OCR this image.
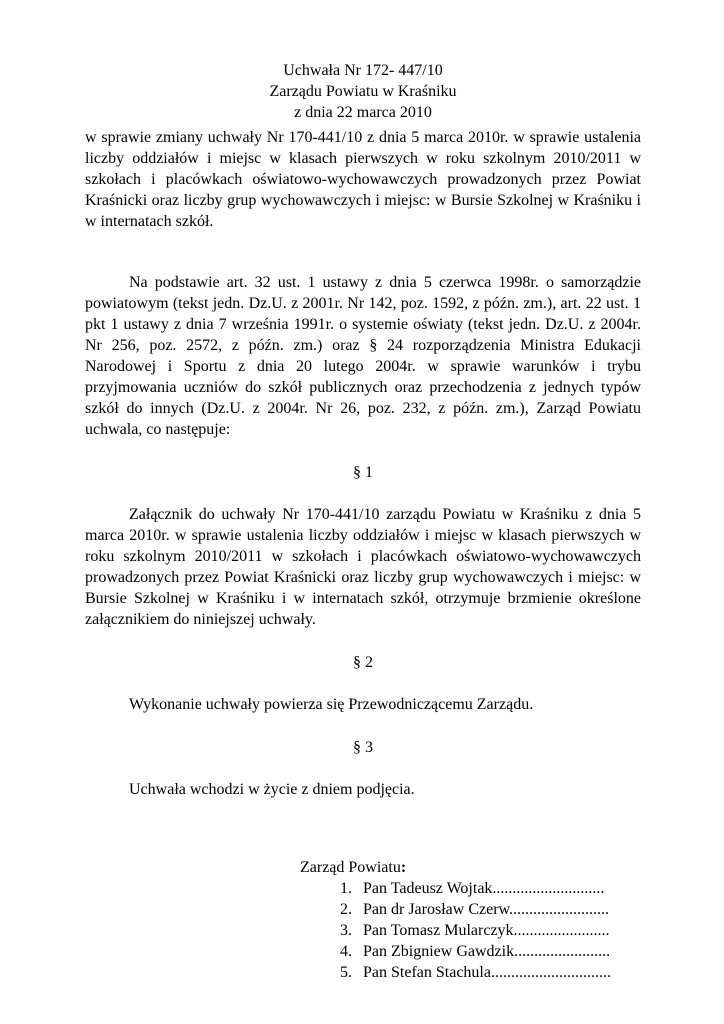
Uchwała Nr 172- 447/10
Zarządu Powiatu w Kraśniku
z dnia 22 marca 2010

w sprawie zmiany uchwały Nr 170-441/10 z dnia 5 marca 2010r. w sprawie ustalenia liczby oddziałów i miejsc w klasach pierwszych w roku szkolnym 2010/2011 w szkołach i placówkach oświatowo-wychowawczych prowadzonych przez Powiat Kraśnicki oraz liczby grup wychowawczych i miejsc: w Bursie Szkolnej w Kraśniku i w internatach szkół.

Na podstawie art. 32 ust. 1 ustawy z dnia 5 czerwca 1998r. o samorządzie powiatowym (tekst jedn. Dz.U. z 2001r. Nr 142, poz. 1592, z późn. zm.), art. 22 ust. 1 pkt 1 ustawy z dnia 7 września 1991r. o systemie oświaty (tekst jedn. Dz.U. z 2004r. Nr 256, poz. 2572, z późn. zm.) oraz § 24 rozporządzenia Ministra Edukacji Narodowej i Sportu z dnia 20 lutego 2004r. w sprawie warunków i trybu przyjmowania uczniów do szkół publicznych oraz przechodzenia z jednych typów szkół do innych (Dz.U. z 2004r. Nr 26, poz. 232, z późn. zm.), Zarząd Powiatu uchwala, co następuje:

§ 1

Załącznik do uchwały Nr 170-441/10 zarządu Powiatu w Kraśniku z dnia 5 marca 2010r. w sprawie ustalenia liczby oddziałów i miejsc w klasach pierwszych w roku szkolnym 2010/2011 w szkołach i placówkach oświatowo-wychowawczych prowadzonych przez Powiat Kraśnicki oraz liczby grup wychowawczych i miejsc: w Bursie Szkolnej w Kraśniku i w internatach szkół, otrzymuje brzmienie określone załącznikiem do niniejszej uchwały.

§ 2

Wykonanie uchwały powierza się Przewodniczącemu Zarządu.

§ 3

Uchwała wchodzi w życie z dniem podjęcia.

Zarząd Powiatu:
1. Pan Tadeusz Wojtak............................
2. Pan dr Jarosław Czerw.........................
3. Pan Tomasz Mularczyk........................
4. Pan Zbigniew Gawdzik........................
5. Pan Stefan Stachula..............................
